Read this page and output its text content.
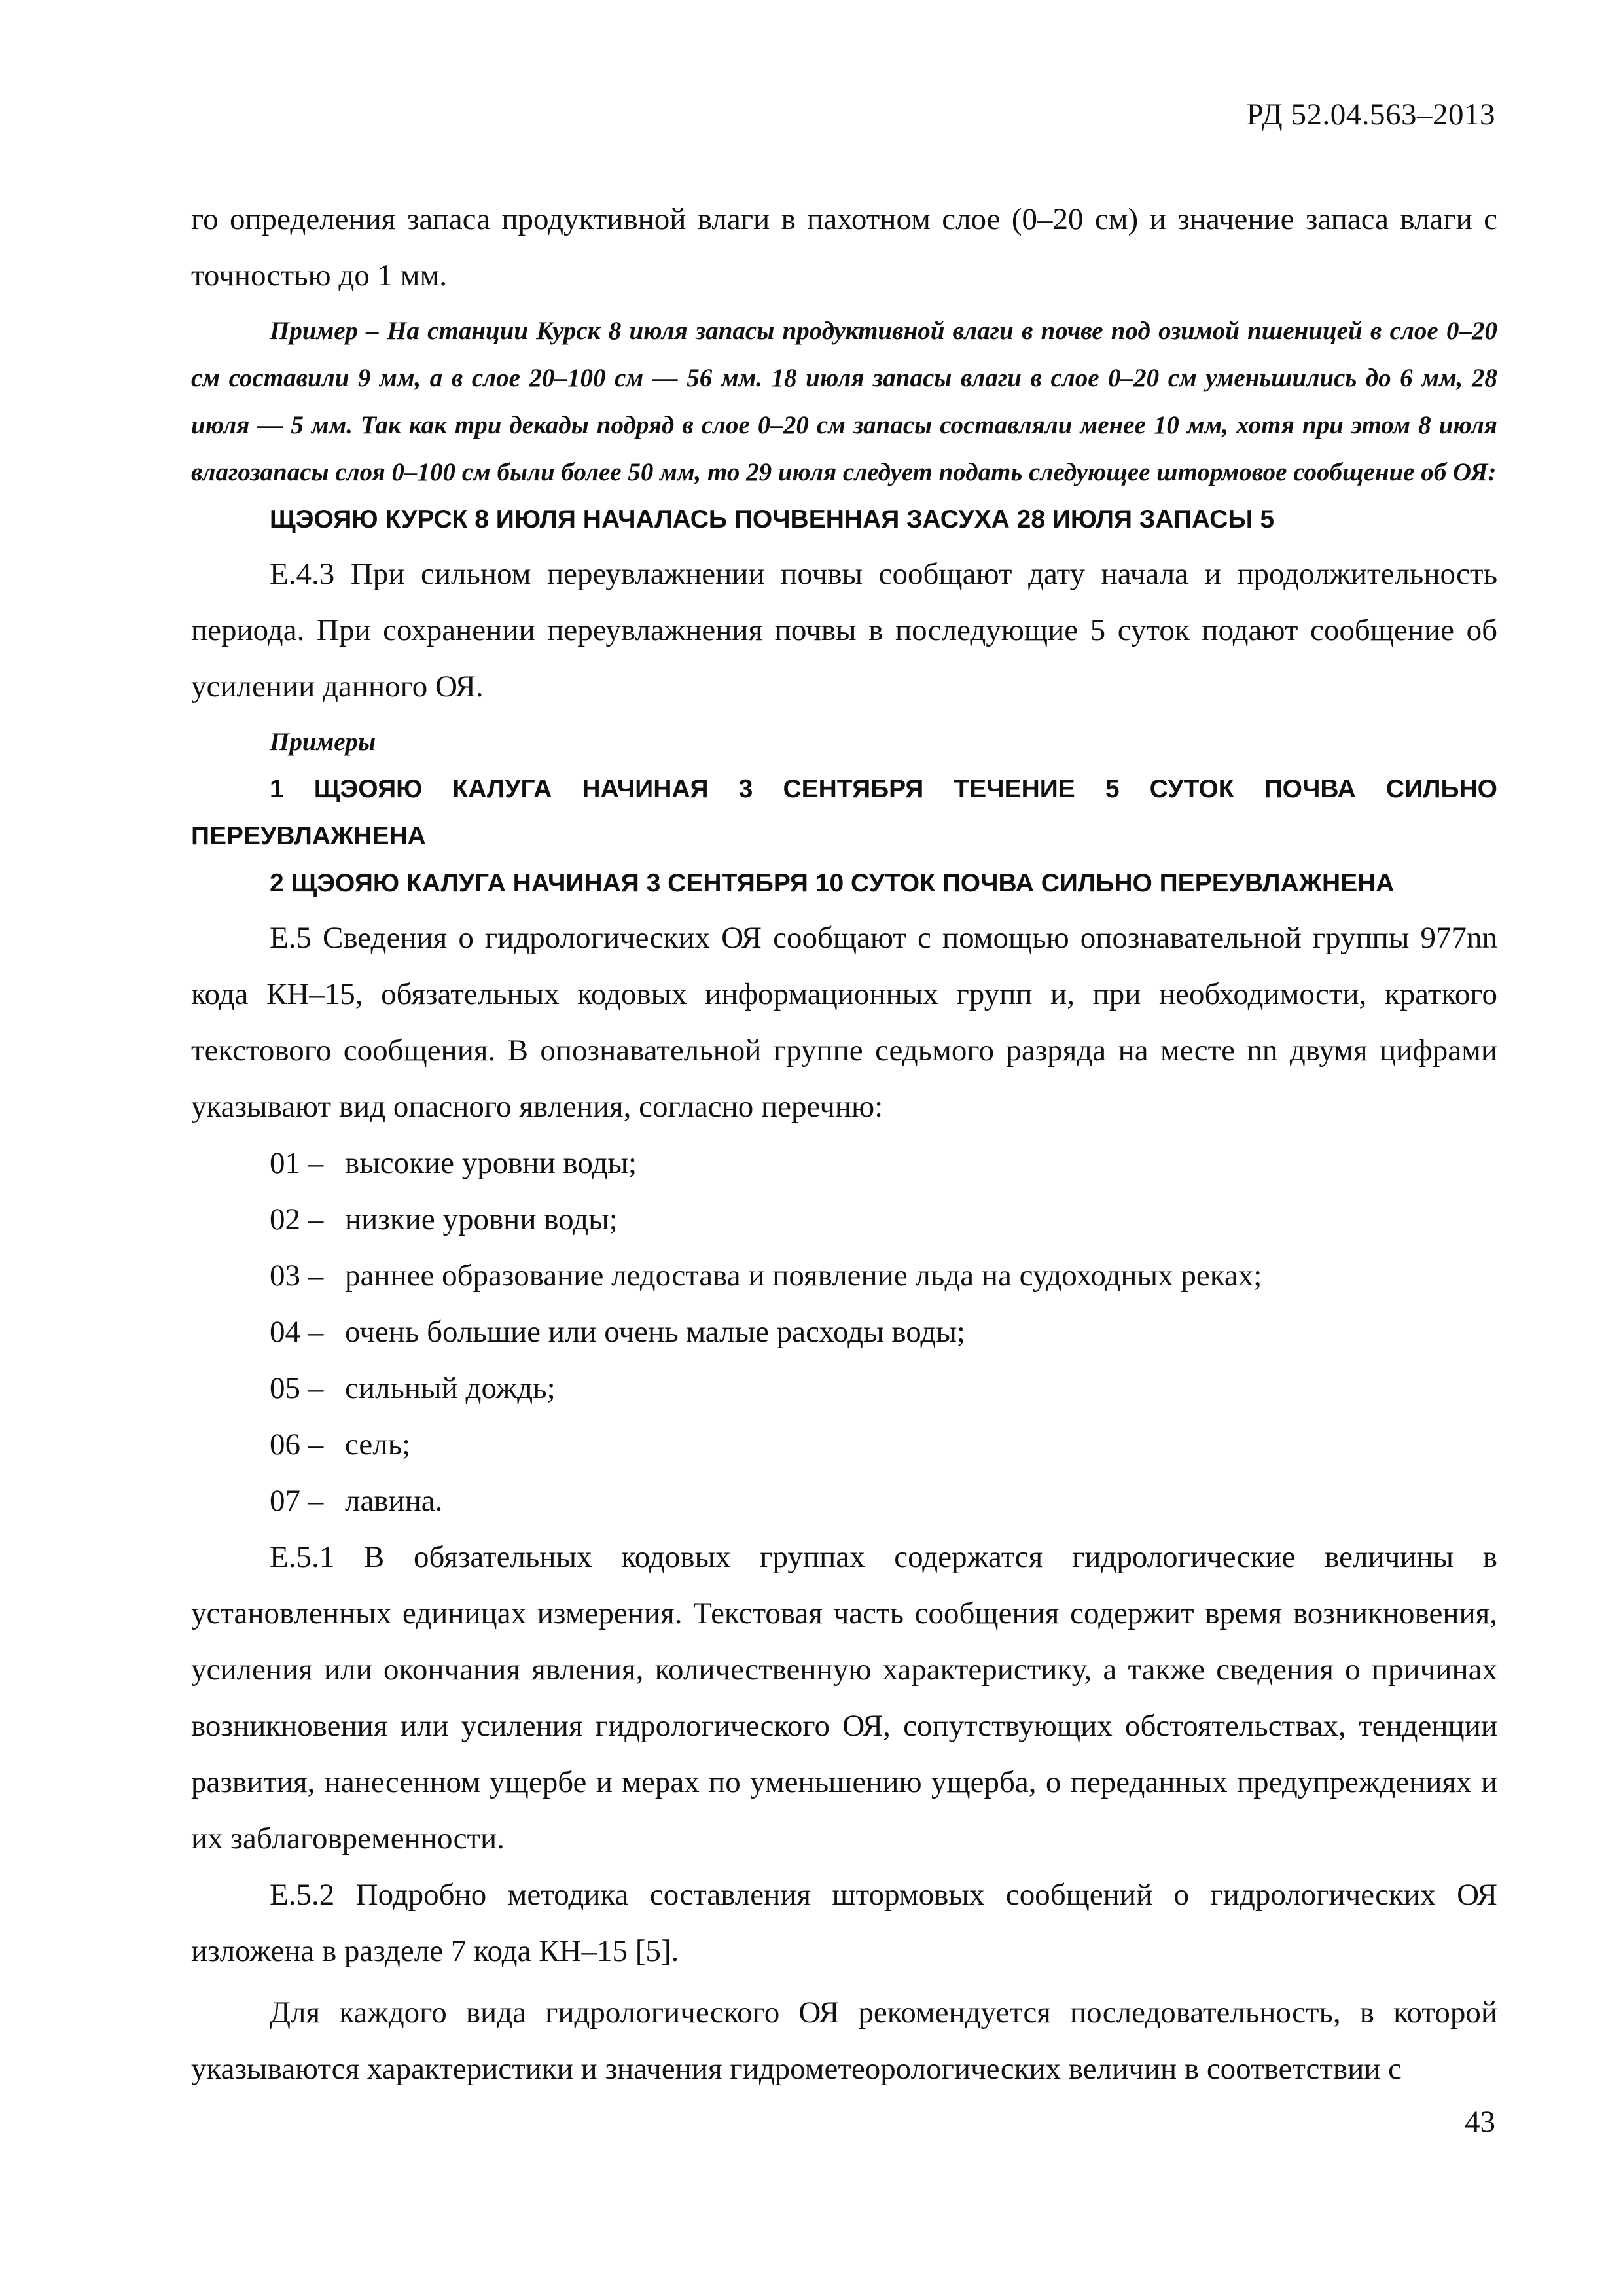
РД 52.04.563–2013

го определения запаса продуктивной влаги в пахотном слое (0–20 см) и значение запаса влаги с точностью до 1 мм.

Пример – На станции Курск 8 июля запасы продуктивной влаги в почве под озимой пшеницей в слое 0–20 см составили 9 мм, а в слое 20–100 см — 56 мм. 18 июля запасы влаги в слое 0–20 см уменьшились до 6 мм, 28 июля — 5 мм. Так как три декады подряд в слое 0–20 см запасы составляли менее 10 мм, хотя при этом 8 июля влагозапасы слоя 0–100 см были более 50 мм, то 29 июля следует подать следующее штормовое сообщение об ОЯ:

ЩЭОЯЮ КУРСК 8 ИЮЛЯ НАЧАЛАСЬ ПОЧВЕННАЯ ЗАСУХА 28 ИЮЛЯ ЗАПАСЫ 5

Е.4.3 При сильном переувлажнении почвы сообщают дату начала и продолжительность периода. При сохранении переувлажнения почвы в последующие 5 суток подают сообщение об усилении данного ОЯ.

Примеры

1 ЩЭОЯЮ КАЛУГА НАЧИНАЯ 3 СЕНТЯБРЯ ТЕЧЕНИЕ 5 СУТОК ПОЧВА СИЛЬНО ПЕРЕУВЛАЖНЕНА

2 ЩЭОЯЮ КАЛУГА НАЧИНАЯ 3 СЕНТЯБРЯ 10 СУТОК ПОЧВА СИЛЬНО ПЕРЕУВЛАЖНЕНА

Е.5 Сведения о гидрологических ОЯ сообщают с помощью опознавательной группы 977nn кода КН–15, обязательных кодовых информационных групп и, при необходимости, краткого текстового сообщения. В опознавательной группе седьмого разряда на месте nn двумя цифрами указывают вид опасного явления, согласно перечню:

01 – высокие уровни воды;
02 – низкие уровни воды;
03 – раннее образование ледостава и появление льда на судоходных реках;
04 – очень большие или очень малые расходы воды;
05 – сильный дождь;
06 – сель;
07 – лавина.

Е.5.1 В обязательных кодовых группах содержатся гидрологические величины в установленных единицах измерения. Текстовая часть сообщения содержит время возникновения, усиления или окончания явления, количественную характеристику, а также сведения о причинах возникновения или усиления гидрологического ОЯ, сопутствующих обстоятельствах, тенденции развития, нанесенном ущербе и мерах по уменьшению ущерба, о переданных предупреждениях и их заблаговременности.

Е.5.2 Подробно методика составления штормовых сообщений о гидрологических ОЯ изложена в разделе 7 кода КН–15 [5].

Для каждого вида гидрологического ОЯ рекомендуется последовательность, в которой указываются характеристики и значения гидрометеорологических величин в соответствии с

43
